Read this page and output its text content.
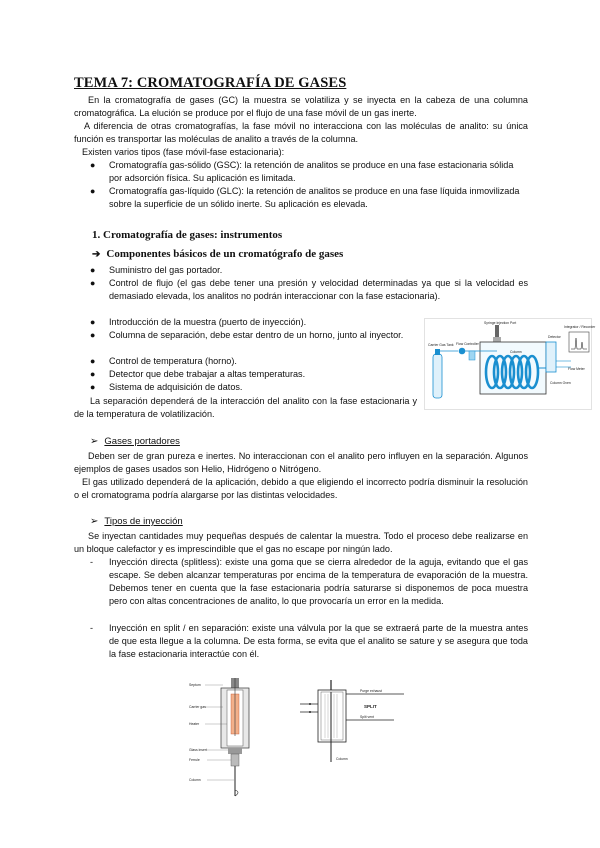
TEMA 7: CROMATOGRAFÍA DE GASES
En la cromatografía de gases (GC) la muestra se volatiliza y se inyecta en la cabeza de una columna cromatográfica. La elución se produce por el flujo de una fase móvil de un gas inerte.
A diferencia de otras cromatografías, la fase móvil no interacciona con las moléculas de analito: su única función es transportar las moléculas de analito a través de la columna.
Existen varios tipos (fase móvil-fase estacionaria):
● Cromatografía gas-sólido (GSC): la retención de analitos se produce en una fase estacionaria sólida por adsorción física. Su aplicación es limitada.
● Cromatografía gas-líquido (GLC): la retención de analitos se produce en una fase líquida inmovilizada sobre la superficie de un sólido inerte. Su aplicación es elevada.
1. Cromatografía de gases: instrumentos
➔ Componentes básicos de un cromatógrafo de gases
● Suministro del gas portador.
● Control de flujo (el gas debe tener una presión y velocidad determinadas ya que si la velocidad es demasiado elevada, los analitos no podrán interaccionar con la fase estacionaria).
● Introducción de la muestra (puerto de inyección).
● Columna de separación, debe estar dentro de un horno, junto al inyector.
● Control de temperatura (horno).
● Detector que debe trabajar a altas temperaturas.
● Sistema de adquisición de datos.
La separación dependerá de la interacción del analito con la fase estacionaria y de la temperatura de volatilización.
Syringe Injection Port
Integrator / Recorder
Carrier Gas Tank Flow Controller
Column
Column Oven
Detector
Flow Meter
➢ Gases portadores
Deben ser de gran pureza e inertes. No interaccionan con el analito pero influyen en la separación. Algunos ejemplos de gases usados son Helio, Hidrógeno o Nitrógeno.
El gas utilizado dependerá de la aplicación, debido a que eligiendo el incorrecto podría disminuir la resolución o el cromatograma podría alargarse por las distintas velocidades.
➢ Tipos de inyección
Se inyectan cantidades muy pequeñas después de calentar la muestra. Todo el proceso debe realizarse en un bloque calefactor y es imprescindible que el gas no escape por ningún lado.
- Inyección directa (splitless): existe una goma que se cierra alrededor de la aguja, evitando que el gas escape. Se deben alcanzar temperaturas por encima de la temperatura de evaporación de la muestra. Debemos tener en cuenta que la fase estacionaria podría saturarse si disponemos de poca muestra pero con altas concentraciones de analito, lo que provocaría un error en la medida.
- Inyección en split / en separación: existe una válvula por la que se extraerá parte de la muestra antes de que esta llegue a la columna. De esta forma, se evita que el analito se sature y se asegura que toda la fase estacionaria interactúe con él.
Septum
Carrier gas
Heater
Glass insert
Ferrule
Column
Purge exhaust
SPLIT
Split vent
Column
